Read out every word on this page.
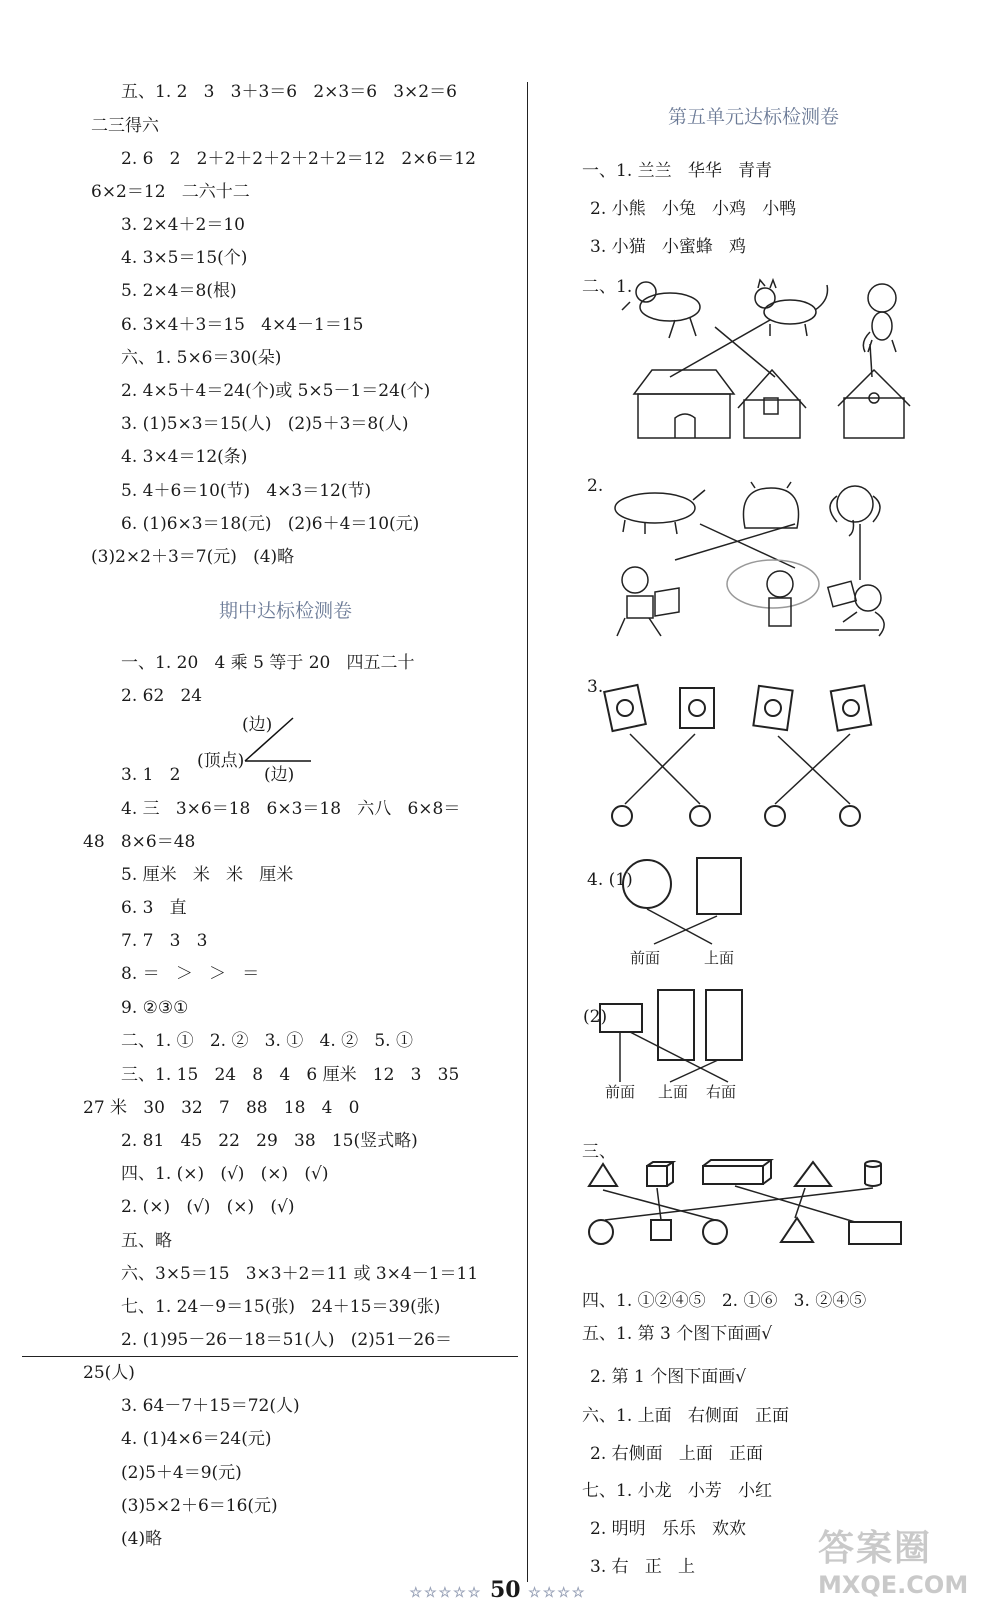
五、1. 2   3   3＋3＝6   2×3＝6   3×2＝6
二三得六
2. 6   2   2＋2＋2＋2＋2＋2＝12   2×6＝12
6×2＝12   二六十二
3. 2×4＋2＝10
4. 3×5＝15(个)
5. 2×4＝8(根)
6. 3×4＋3＝15   4×4－1＝15
六、1. 5×6＝30(朵)
2. 4×5＋4＝24(个)或 5×5－1＝24(个)
3. (1)5×3＝15(人)   (2)5＋3＝8(人)
4. 3×4＝12(条)
5. 4＋6＝10(节)   4×3＝12(节)
6. (1)6×3＝18(元)   (2)6＋4＝10(元)
(3)2×2＋3＝7(元)   (4)略
一、1. 20   4 乘 5 等于 20   四五二十
2. 62   24
3. 1   2
4. 三   3×6＝18   6×3＝18   六八   6×8＝
48   8×6＝48
5. 厘米   米   米   厘米
6. 3   直
7. 7   3   3
8. ＝   ＞   ＞   ＝
9. ②③①
二、1. ①   2. ②   3. ①   4. ②   5. ①
三、1. 15   24   8   4   6 厘米   12   3   35
27 米   30   32   7   88   18   4   0
2. 81   45   22   29   38   15(竖式略)
四、1. (×)   (√)   (×)   (√)
2. (×)   (√)   (×)   (√)
五、略
六、3×5＝15   3×3＋2＝11 或 3×4－1＝11
七、1. 24－9＝15(张)   24＋15＝39(张)
2. (1)95－26－18＝51(人)   (2)51－26＝
25(人)
3. 64－7＋15＝72(人)
4. (1)4×6＝24(元)
(2)5＋4＝9(元)
(3)5×2＋6＝16(元)
(4)略
期中达标检测卷
(边)
(顶点)
(边)
一、1. 兰兰   华华   青青
2. 小熊   小兔   小鸡   小鸭
3. 小猫   小蜜蜂   鸡
二、1.
2.
3.
4. (1)
(2)
三、
四、1. ①②④⑤   2. ①⑥   3. ②④⑤
五、1. 第 3 个图下面画√
2. 第 1 个图下面画√
六、1. 上面   右侧面   正面
2. 右侧面   上面   正面
七、1. 小龙   小芳   小红
2. 明明   乐乐   欢欢
3. 右   正   上
第五单元达标检测卷
前面	上面
前面 上面 右面
☆☆☆☆☆ 50 ☆☆☆☆
答案圈
MXQE.COM
